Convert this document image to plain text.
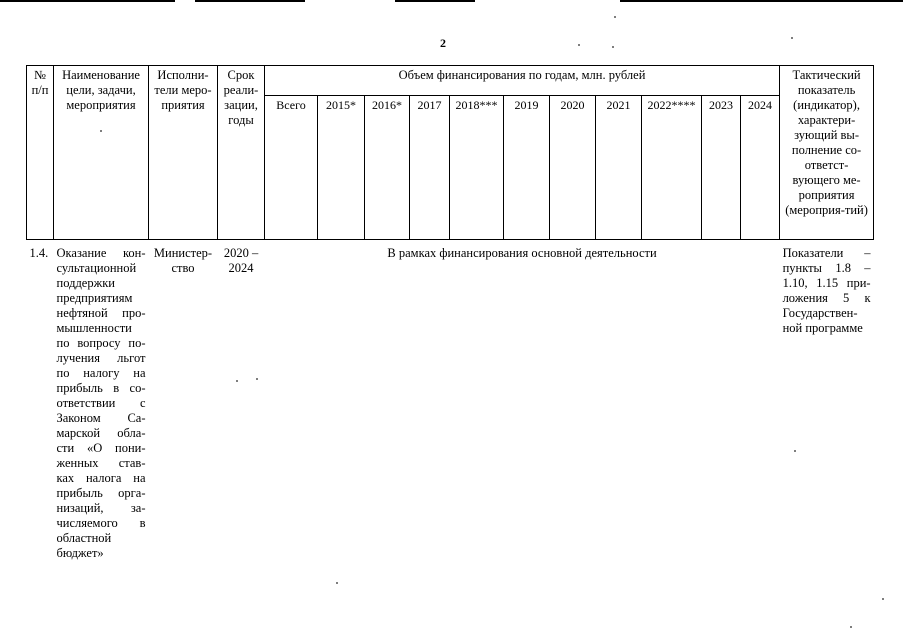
2
№ п/п	Наименование цели, задачи, мероприятия	Исполни-тели меро-приятия	Срок реали-зации, годы	Объем финансирования по годам, млн. рублей											Тактический показатель (индикатор), характери-зующий вы-полнение со-ответст-вующего ме-роприятия (мероприя-тий)
				Всего	2015*	2016*	2017	2018***	2019	2020	2021	2022****	2023	2024	
1.4.	Оказание кон-сультационной поддержки предприятиям нефтяной про-мышленности по вопросу по-лучения льгот по налогу на прибыль в со-ответствии с Законом Са-марской обла-сти «О пони-женных став-ках налога на прибыль орга-низаций, за-числяемого в областной бюджет»	Министер-ство	2020 – 2024	В рамках финансирования основной деятельности											Показатели – пункты 1.8 – 1.10, 1.15 при-ложения 5 к Государствен-ной программе
